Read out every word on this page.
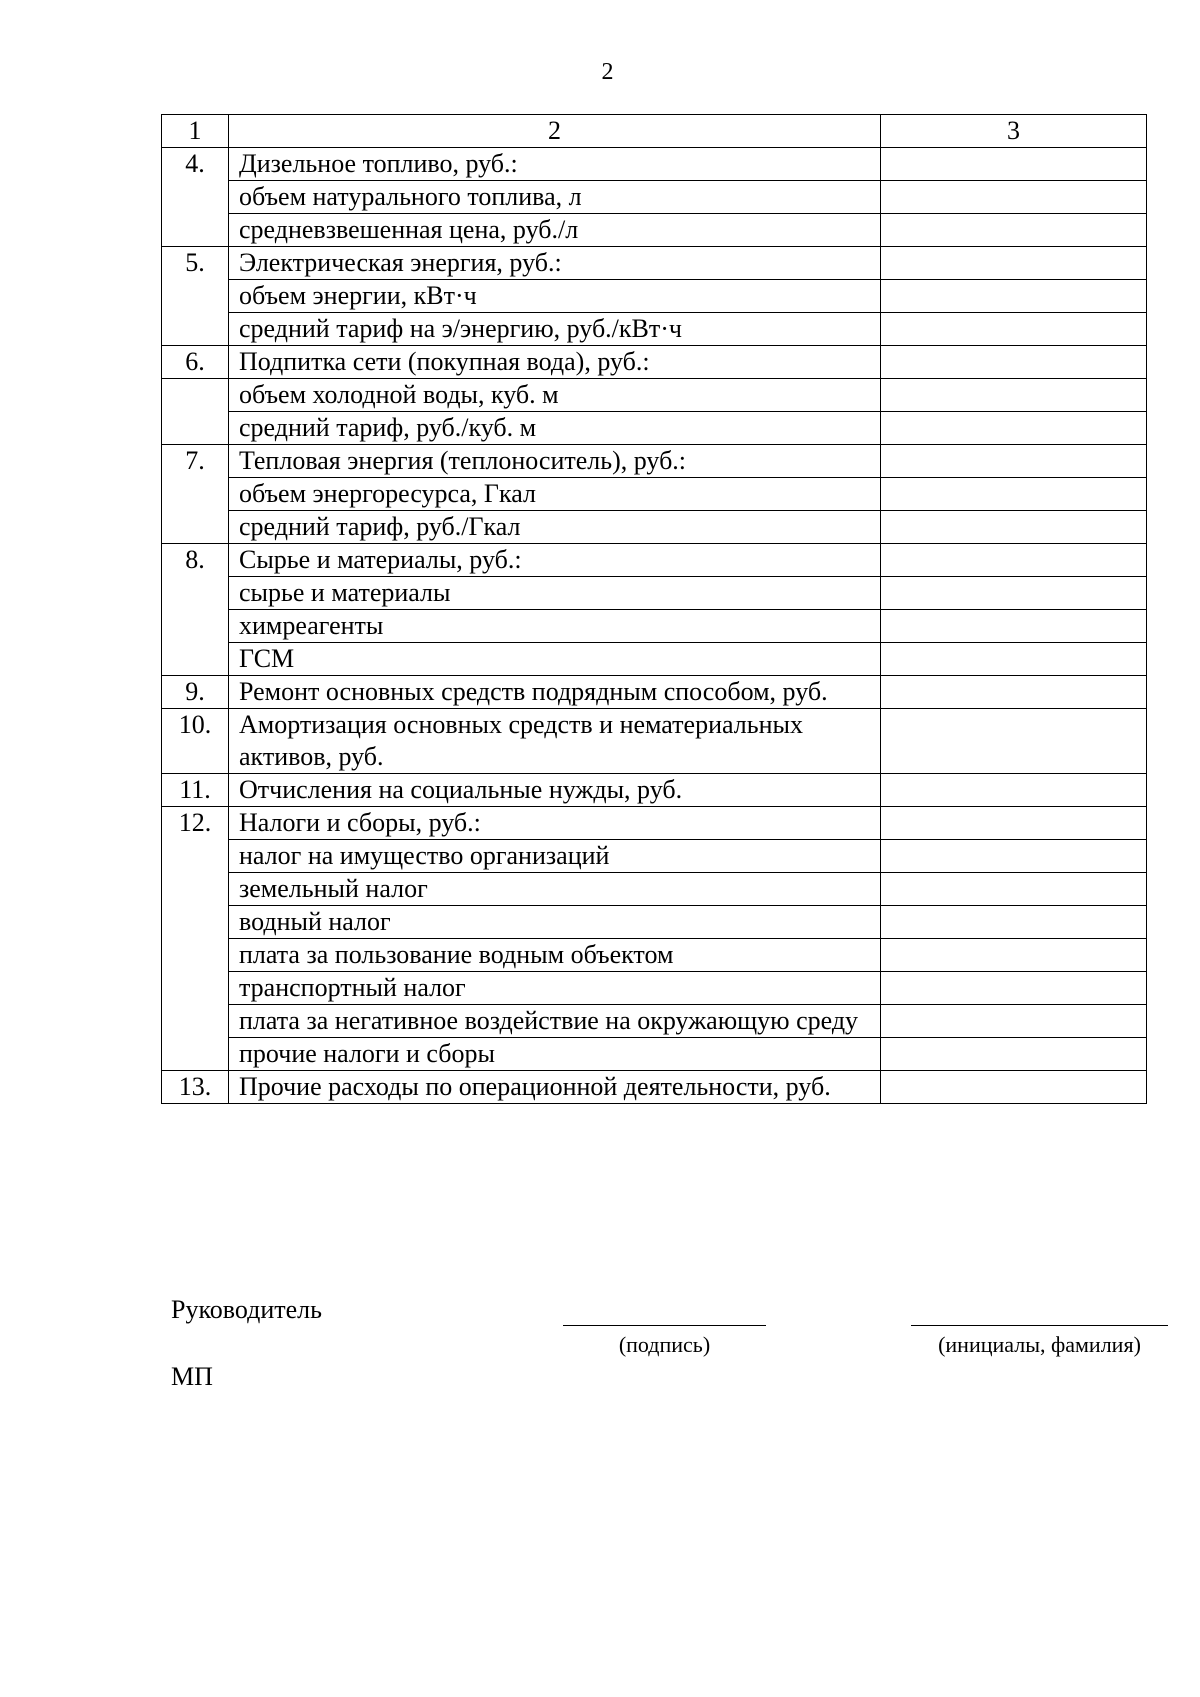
2
1	2	3
4.	Дизельное топливо, руб.:	
	объем натурального топлива, л	
	средневзвешенная цена, руб./л	
5.	Электрическая энергия, руб.:	
	объем энергии, кВт·ч	
	средний тариф на э/энергию, руб./кВт·ч	
6.	Подпитка сети (покупная вода), руб.:	
	объем холодной воды, куб. м	
	средний тариф, руб./куб. м	
7.	Тепловая энергия (теплоноситель), руб.:	
	объем энергоресурса, Гкал	
	средний тариф, руб./Гкал	
8.	Сырье и материалы, руб.:	
	сырье и материалы	
	химреагенты	
	ГСМ	
9.	Ремонт основных средств подрядным способом, руб.	
10.	Амортизация основных средств и нематериальных активов, руб.	
11.	Отчисления на социальные нужды, руб.	
12.	Налоги и сборы, руб.:	
	налог на имущество организаций	
	земельный налог	
	водный налог	
	плата за пользование водным объектом	
	транспортный налог	
	плата за негативное воздействие на окружающую среду	
	прочие налоги и сборы	
13.	Прочие расходы по операционной деятельности, руб.	
Руководитель
(подпись)	(инициалы, фамилия)
МП
